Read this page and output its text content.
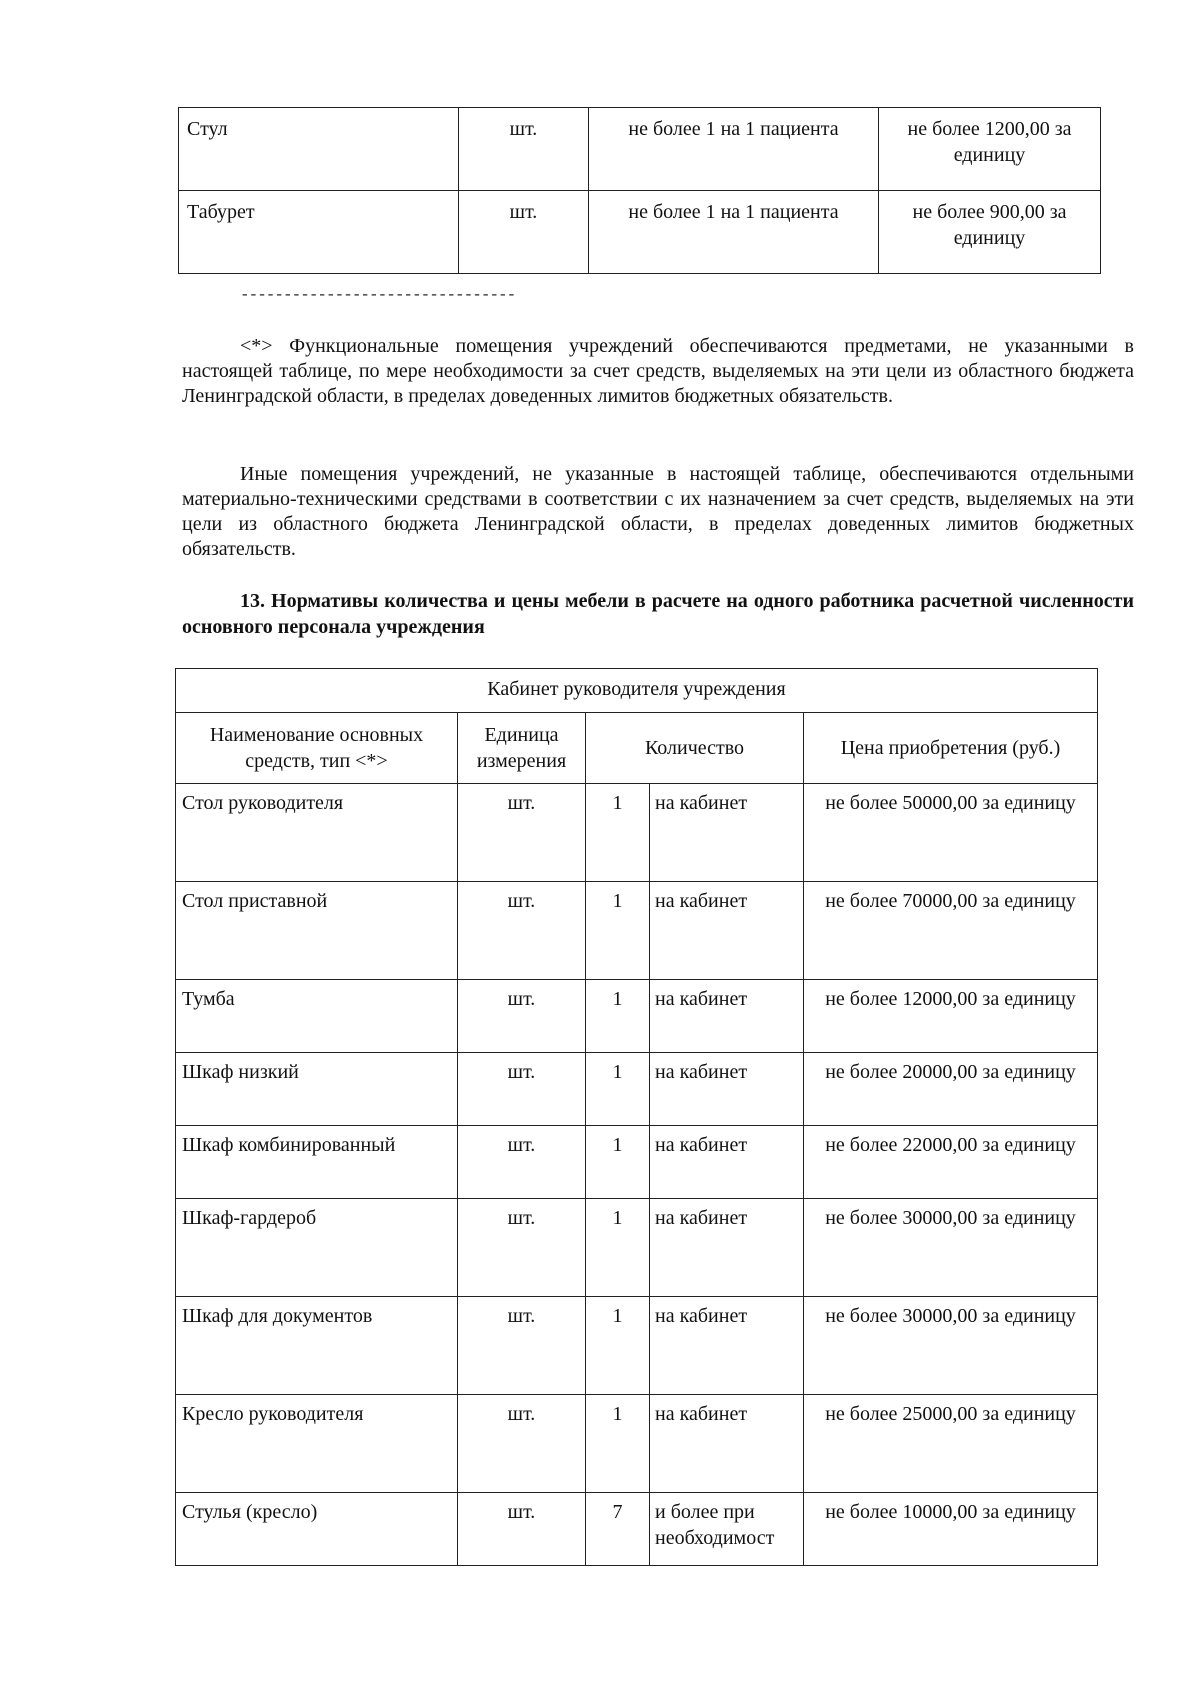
Стул	шт.	не более 1 на 1 пациента	не более 1200,00 за единицу
Табурет	шт.	не более 1 на 1 пациента	не более 900,00 за единицу
--------------------------------
<*> Функциональные помещения учреждений обеспечиваются предметами, не указанными в настоящей таблице, по мере необходимости за счет средств, выделяемых на эти цели из областного бюджета Ленинградской области, в пределах доведенных лимитов бюджетных обязательств.
Иные помещения учреждений, не указанные в настоящей таблице, обеспечиваются отдельными материально-техническими средствами в соответствии с их назначением за счет средств, выделяемых на эти цели из областного бюджета Ленинградской области, в пределах доведенных лимитов бюджетных обязательств.
13. Нормативы количества и цены мебели в расчете на одного работника расчетной численности основного персонала учреждения
Кабинет руководителя учреждения				
Наименование основных средств, тип <*>	Единица измерения	Количество		Цена приобретения (руб.)
Стол руководителя	шт.	1	на кабинет	не более 50000,00 за единицу
Стол приставной	шт.	1	на кабинет	не более 70000,00 за единицу
Тумба	шт.	1	на кабинет	не более 12000,00 за единицу
Шкаф низкий	шт.	1	на кабинет	не более 20000,00 за единицу
Шкаф комбинированный	шт.	1	на кабинет	не более 22000,00 за единицу
Шкаф-гардероб	шт.	1	на кабинет	не более 30000,00 за единицу
Шкаф для документов	шт.	1	на кабинет	не более 30000,00 за единицу
Кресло руководителя	шт.	1	на кабинет	не более 25000,00 за единицу
Стулья (кресло)	шт.	7	и более при необходимост	не более 10000,00 за единицу
